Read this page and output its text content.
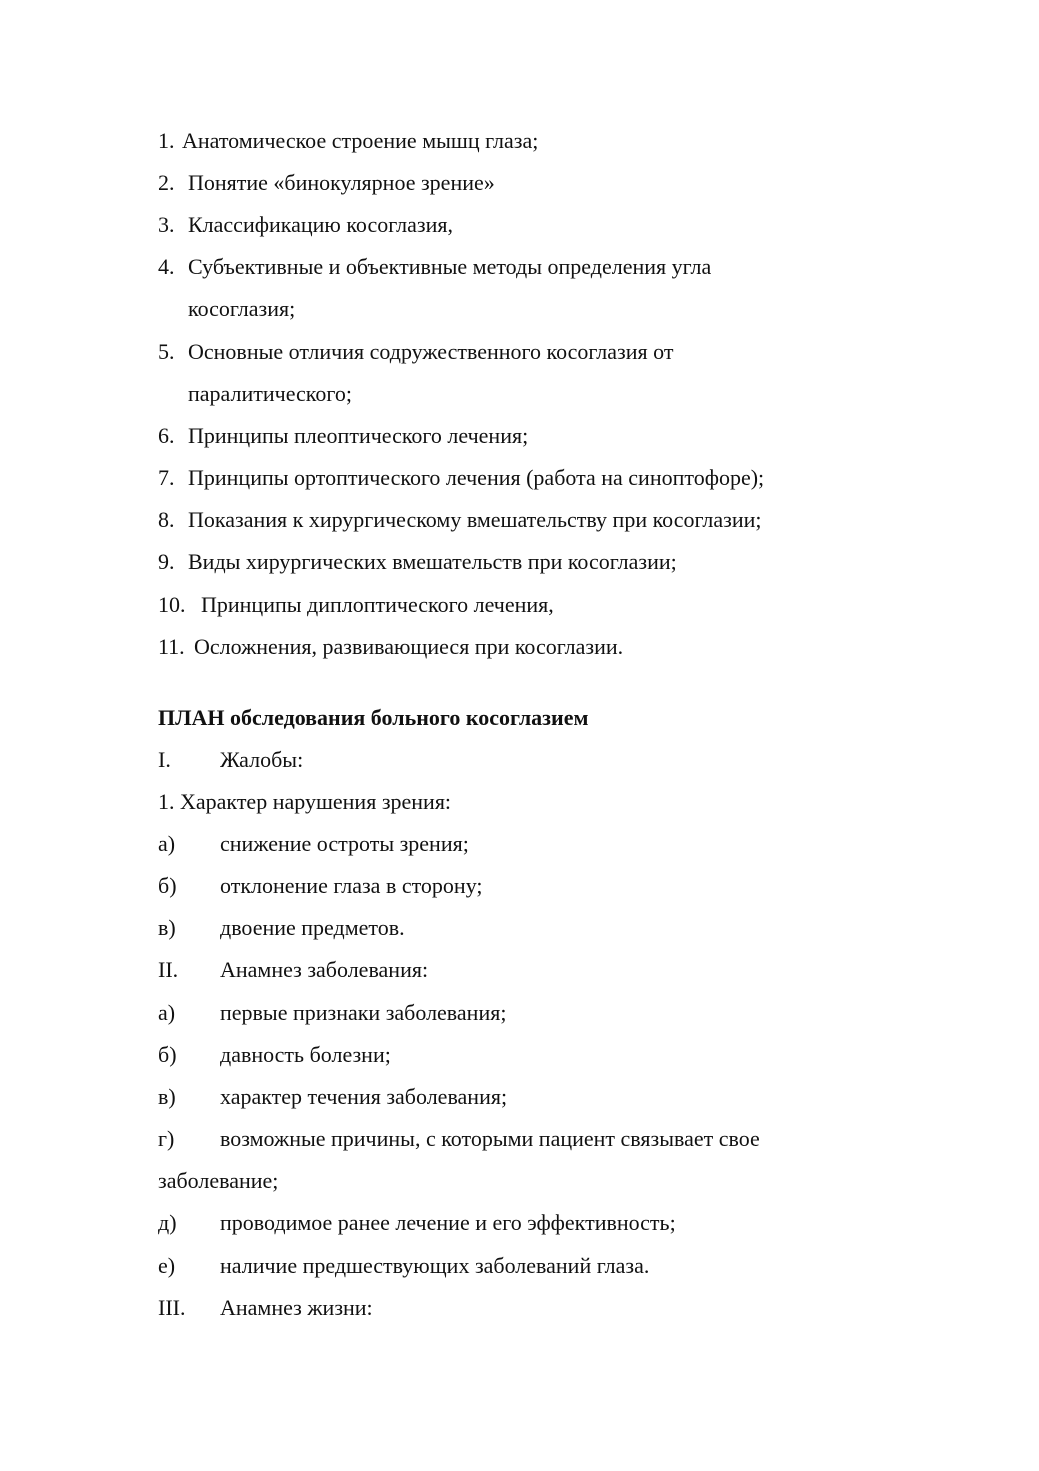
1. Анатомическое строение мышц глаза;
2. Понятие «бинокулярное зрение»
3. Классификацию косоглазия,
4. Субъективные и объективные методы определения угла
косоглазия;
5. Основные отличия содружественного косоглазия от
паралитического;
6. Принципы плеоптического лечения;
7. Принципы ортоптического лечения (работа на синоптофоре);
8. Показания к хирургическому вмешательству при косоглазии;
9. Виды хирургических вмешательств при косоглазии;
10. Принципы диплоптического лечения,
11. Осложнения, развивающиеся при косоглазии.
ПЛАН обследования больного косоглазием
I. Жалобы:
1. Характер нарушения зрения:
а) снижение остроты зрения;
б) отклонение глаза в сторону;
в) двоение предметов.
II. Анамнез заболевания:
а) первые признаки заболевания;
б) давность болезни;
в) характер течения заболевания;
г) возможные причины, с которыми пациент связывает свое
заболевание;
д) проводимое ранее лечение и его эффективность;
е) наличие предшествующих заболеваний глаза.
III. Анамнез жизни:
